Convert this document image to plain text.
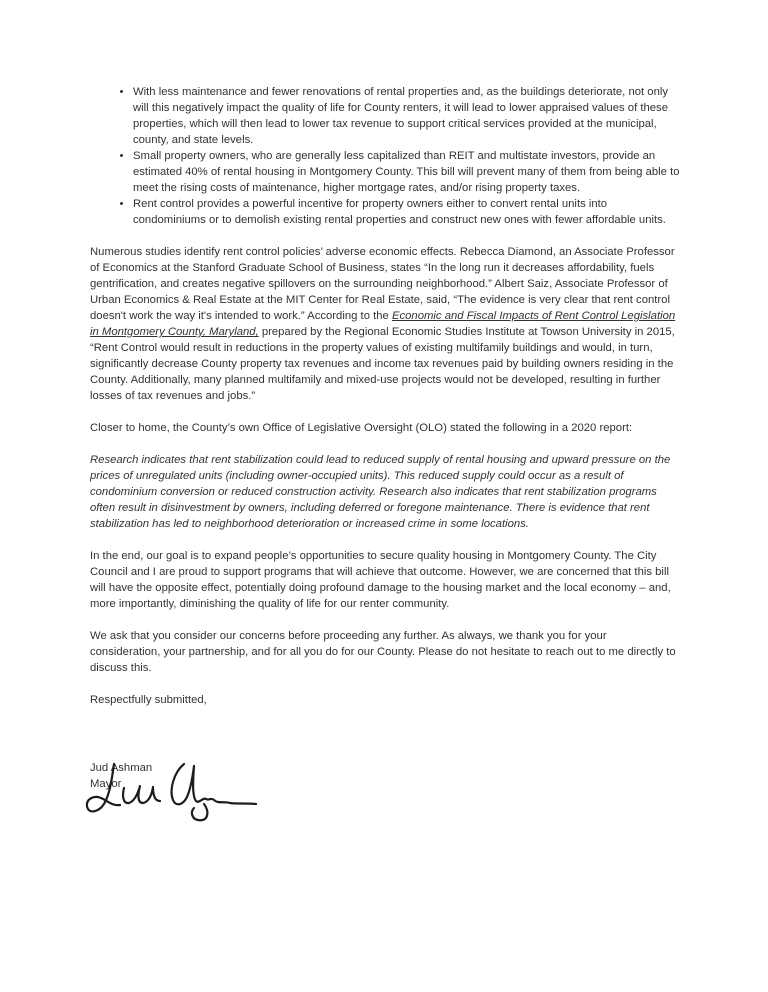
• With less maintenance and fewer renovations of rental properties and, as the buildings deteriorate, not only will this negatively impact the quality of life for County renters, it will lead to lower appraised values of these properties, which will then lead to lower tax revenue to support critical services provided at the municipal, county, and state levels.
• Small property owners, who are generally less capitalized than REIT and multistate investors, provide an estimated 40% of rental housing in Montgomery County. This bill will prevent many of them from being able to meet the rising costs of maintenance, higher mortgage rates, and/or rising property taxes.
• Rent control provides a powerful incentive for property owners either to convert rental units into condominiums or to demolish existing rental properties and construct new ones with fewer affordable units.

Numerous studies identify rent control policies’ adverse economic effects. Rebecca Diamond, an Associate Professor of Economics at the Stanford Graduate School of Business, states “In the long run it decreases affordability, fuels gentrification, and creates negative spillovers on the surrounding neighborhood.” Albert Saiz, Associate Professor of Urban Economics & Real Estate at the MIT Center for Real Estate, said, “The evidence is very clear that rent control doesn't work the way it's intended to work.” According to the Economic and Fiscal Impacts of Rent Control Legislation in Montgomery County, Maryland, prepared by the Regional Economic Studies Institute at Towson University in 2015, “Rent Control would result in reductions in the property values of existing multifamily buildings and would, in turn, significantly decrease County property tax revenues and income tax revenues paid by building owners residing in the County. Additionally, many planned multifamily and mixed-use projects would not be developed, resulting in further losses of tax revenues and jobs.”

Closer to home, the County’s own Office of Legislative Oversight (OLO) stated the following in a 2020 report:

Research indicates that rent stabilization could lead to reduced supply of rental housing and upward pressure on the prices of unregulated units (including owner-occupied units). This reduced supply could occur as a result of condominium conversion or reduced construction activity. Research also indicates that rent stabilization programs often result in disinvestment by owners, including deferred or foregone maintenance. There is evidence that rent stabilization has led to neighborhood deterioration or increased crime in some locations.

In the end, our goal is to expand people’s opportunities to secure quality housing in Montgomery County. The City Council and I are proud to support programs that will achieve that outcome. However, we are concerned that this bill will have the opposite effect, potentially doing profound damage to the housing market and the local economy – and, more importantly, diminishing the quality of life for our renter community.

We ask that you consider our concerns before proceeding any further. As always, we thank you for your consideration, your partnership, and for all you do for our County. Please do not hesitate to reach out to me directly to discuss this.

Respectfully submitted,

Jud Ashman
Mayor
